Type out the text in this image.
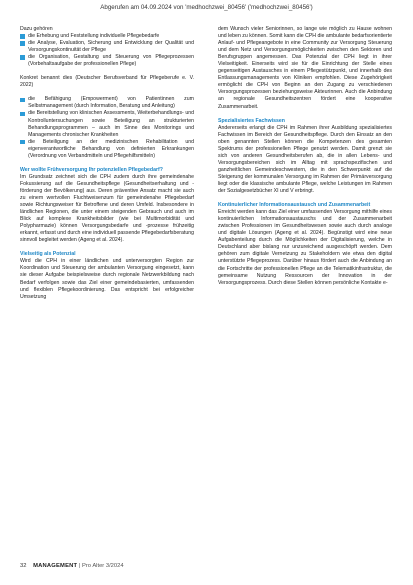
Abgerufen am 04.09.2024 von 'medhochzwei_80456' ('medhochzwei_80456')

Dazu gehören

die Erhebung und Feststellung individuelle Pflegebedarfe
die Analyse, Evaluation, Sicherung und Entwicklung der Qualität und Versorgungskontinuität der Pflege
die Organisation, Gestaltung und Steuerung von Pflegeprozessen (Vorbehaltsaufgabe der professionellen Pflege)

Konkret benannt dies (Deutscher Berufsverband für Pflegeberufe e. V. 2022)

die Befähigung (Empowerment) von Patientinnen zum Selbstmanagement (durch Information, Beratung und Anleitung)
die Bereitstellung von klinischen Assessments, Weiterbehandlungs- und Kontrolluntersuchungen sowie Beteiligung an strukturierten Behandlungsprogrammen – auch im Sinne des Monitorings und Managements chronischer Krankheiten
die Beteiligung an der medizinischen Rehabilitation und eigenverantwortliche Behandlung von definierten Erkrankungen (Verordnung von Verbandmitteln und Pflegehilfsmitteln)

Wer wollte Frühversorgung Ihr potenziellen Pflegebedarf?

Im Grundsatz zeichnet sich die CPH zudem durch ihre gemeindenahe Fokussierung auf die Gesundheitspflege (Gesundheitserhaltung und -förderung der Bevölkerung) aus. Deren präventive Ansatz macht sie auch zu einem wertvollen Fluchtweisenzum für gemeindenahe Pflegebedarf sowie Richtungsweiser für Betroffene und deren Umfeld. Insbesondere in ländlichen Regionen, die unter einem steigenden Gebrauch und auch im Blick auf komplexe Krankheitsbilder (wie bei Multimorbidität und Polypharmazie) können Versorgungsbedarfe und -prozesse frühzeitig erkannt, erfasst und durch eine individuell passende Pflegebedarfsberatung sinnvoll begleitet werden (Ageng et al. 2024).

Vielseitig als Potenzial

Wird die CPH in einer ländlichen und unterversorgten Region zur Koordination und Steuerung der ambulanten Versorgung eingesetzt, kann sie dieser Aufgabe beispielsweise durch regionale Netzwerkbildung nach Bedarf verfolgen sowie das Ziel einer gemeindebasierten, umfassenden und flexiblen Pflegekoordinierung. Das entspricht bei erfolgreicher Umsetzung

dem Wunsch vieler Seniorinnen, so lange wie möglich zu Hause wohnen und leben zu können. Somit kann die CPH die ambulante bedarfsorientierte Anlauf- und Pflegeangebote in eine Community zur Versorgung Steuerung und dem Netz und Versorgungsmöglichkeiten zwischen den Sektoren und Berufsgruppen angemessen. Das Potenzial der CPH liegt in ihrer Vielseitigkeit. Einerseits wird sie für die Einrichtung der Stelle eines gegenseitigen Austausches in einem Pflegestützpunkt, und innerhalb des Entlassungsmanagements von Kliniken empfohlen. Diese Zugehörigkeit ermöglicht die CPH von Beginn an den Zugang zu verschiedenen Versorgungsprozessen beziehungsweise Akteurinnen. Auch die Anbindung an regionale Gesundheitszentren fördert eine kooperative Zusammenarbeit.

Spezialisiertes Fachwissen

Andererseits erlangt die CPH im Rahmen ihrer Ausbildung spezialisiertes Fachwissen im Bereich der Gesundheitspflege. Durch den Einsatz an den oben genannten Stellen können die Kompetenzen des gesamten Spektrums der professionellen Pflege genutzt werden. Damit grenzt sie sich von anderen Gesundheitsberufen ab, die in allen Lebens- und Versorgungsbereichen sich im Alltag mit sprachspezifischen und ganzheitlichen Gemeindeschwestern, die in den Schwerpunkt auf die Steigerung der kommunalen Versorgung im Rahmen der Primärversorgung liegt oder die klassische ambulante Pflege, welche Leistungen im Rahmen der Sozialgesetzbücher XI und V erbringt.

Kontinuierlicher Informationsaustausch und Zusammenarbeit

Erreicht werden kann das Ziel einer umfassenden Versorgung mithilfe eines kontinuierlichen Informationsaustauschs und der Zusammenarbeit zwischen Professionen im Gesundheitswesen sowie auch durch analoge und digitale Lösungen (Ageng et al. 2024). Begünstigt wird eine neue Aufgabenteilung durch die Möglichkeiten der Digitalisierung, welche in Deutschland aber bislang nur unzureichend ausgeschöpft werden. Dem gehören zum digitale Vernetzung zu Stakeholdern wie etwa den digital unterstützte Pflegeprozess. Darüber hinaus fördert auch die Anbindung an die Fortschritte der professionellen Pflege an die Telematikinfrastruktur, die gemeinsame Nutzung Ressourcen der Innovation in der Versorgungsprozess. Durch diese Stellen können persönliche Kontakte e-

32 MANAGEMENT | Pro Alter 3/2024
